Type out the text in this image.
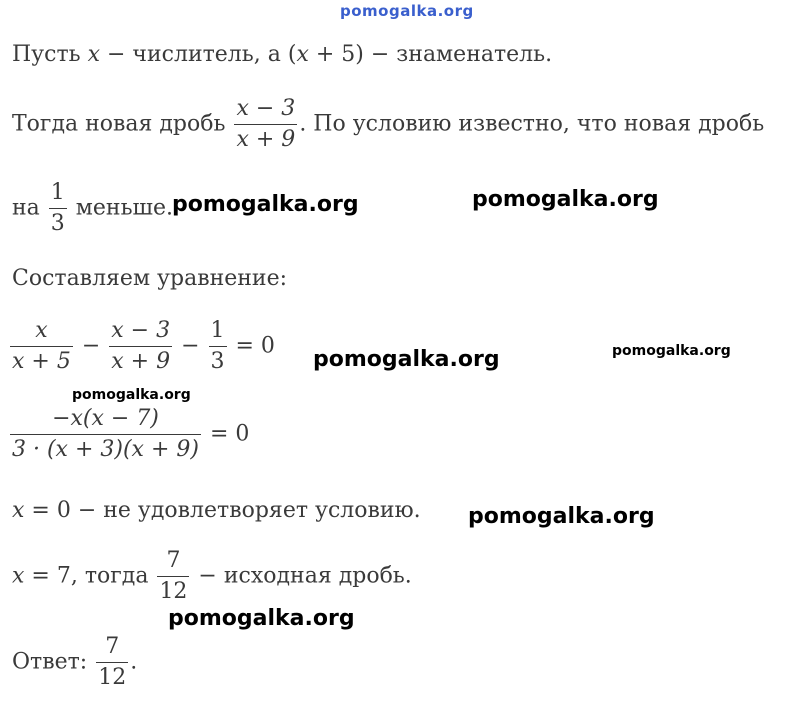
pomogalka.org
Пусть x − числитель, а (x + 5) − знаменатель.
Тогда новая дробь $\frac{x - 3}{x + 9}$ . По условию известно, что новая дробь
на $\frac{1}{3}$ меньше.
Составляем уравнение:
$\frac{x}{x + 5} - \frac{x - 3}{x + 9} - \frac{1}{3} = 0$
$\frac{-x(x - 7)}{3 \cdot (x + 3)(x + 9)} = 0$
x = 0 − не удовлетворяет условию.
x = 7, тогда $\frac{7}{12}$ − исходная дробь.
Ответ: $\frac{7}{12}$ .
pomogalka.org	pomogalka.org
pomogalka.org	pomogalka.org
pomogalka.org
pomogalka.org
pomogalka.org
